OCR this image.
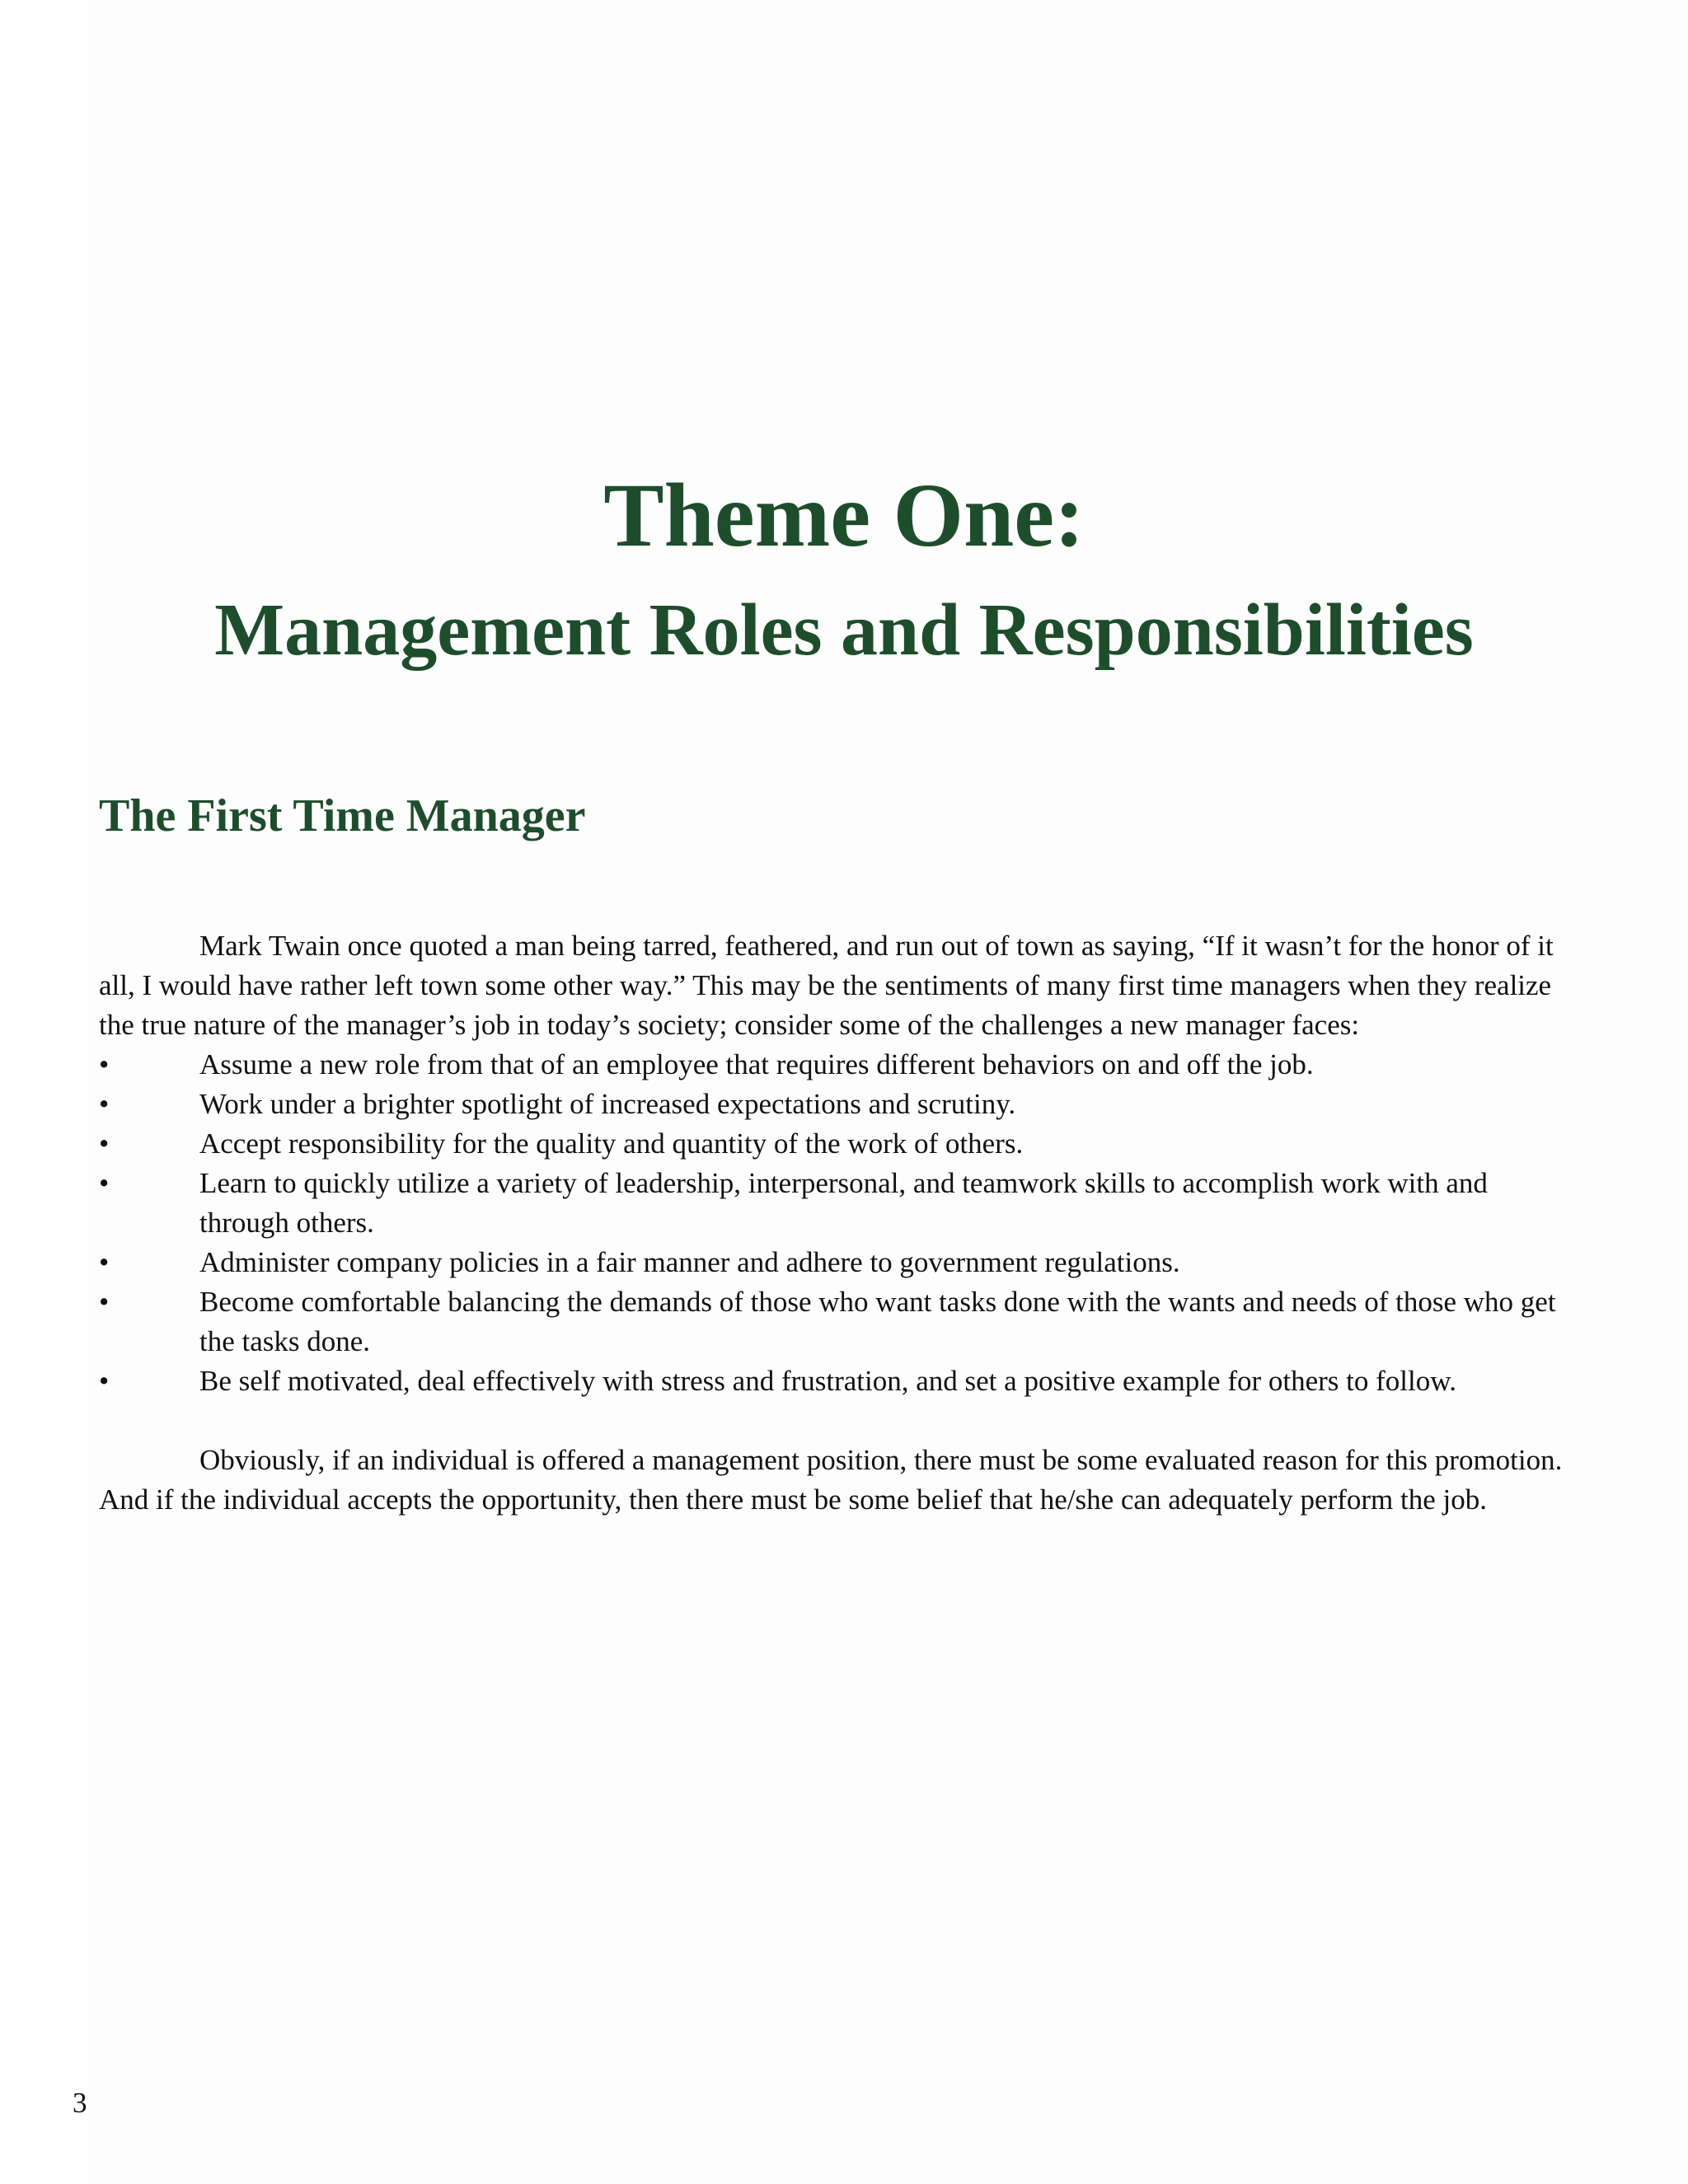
Theme One:
Management Roles and Responsibilities
The First Time Manager

Mark Twain once quoted a man being tarred, feathered, and run out of town as saying, “If it wasn’t for the honor of it all, I would have rather left town some other way.” This may be the sentiments of many first time managers when they realize the true nature of the manager’s job in today’s society; consider some of the challenges a new manager faces:

•	Assume a new role from that of an employee that requires different behaviors on and off the job.
•	Work under a brighter spotlight of increased expectations and scrutiny.
•	Accept responsibility for the quality and quantity of the work of others.
•	Learn to quickly utilize a variety of leadership, interpersonal, and teamwork skills to accomplish work with and through others.
•	Administer company policies in a fair manner and adhere to government regulations.
•	Become comfortable balancing the demands of those who want tasks done with the wants and needs of those who get the tasks done.
•	Be self motivated, deal effectively with stress and frustration, and set a positive example for others to follow.

Obviously, if an individual is offered a management position, there must be some evaluated reason for this promotion. And if the individual accepts the opportunity, then there must be some belief that he/she can adequately perform the job.

3
